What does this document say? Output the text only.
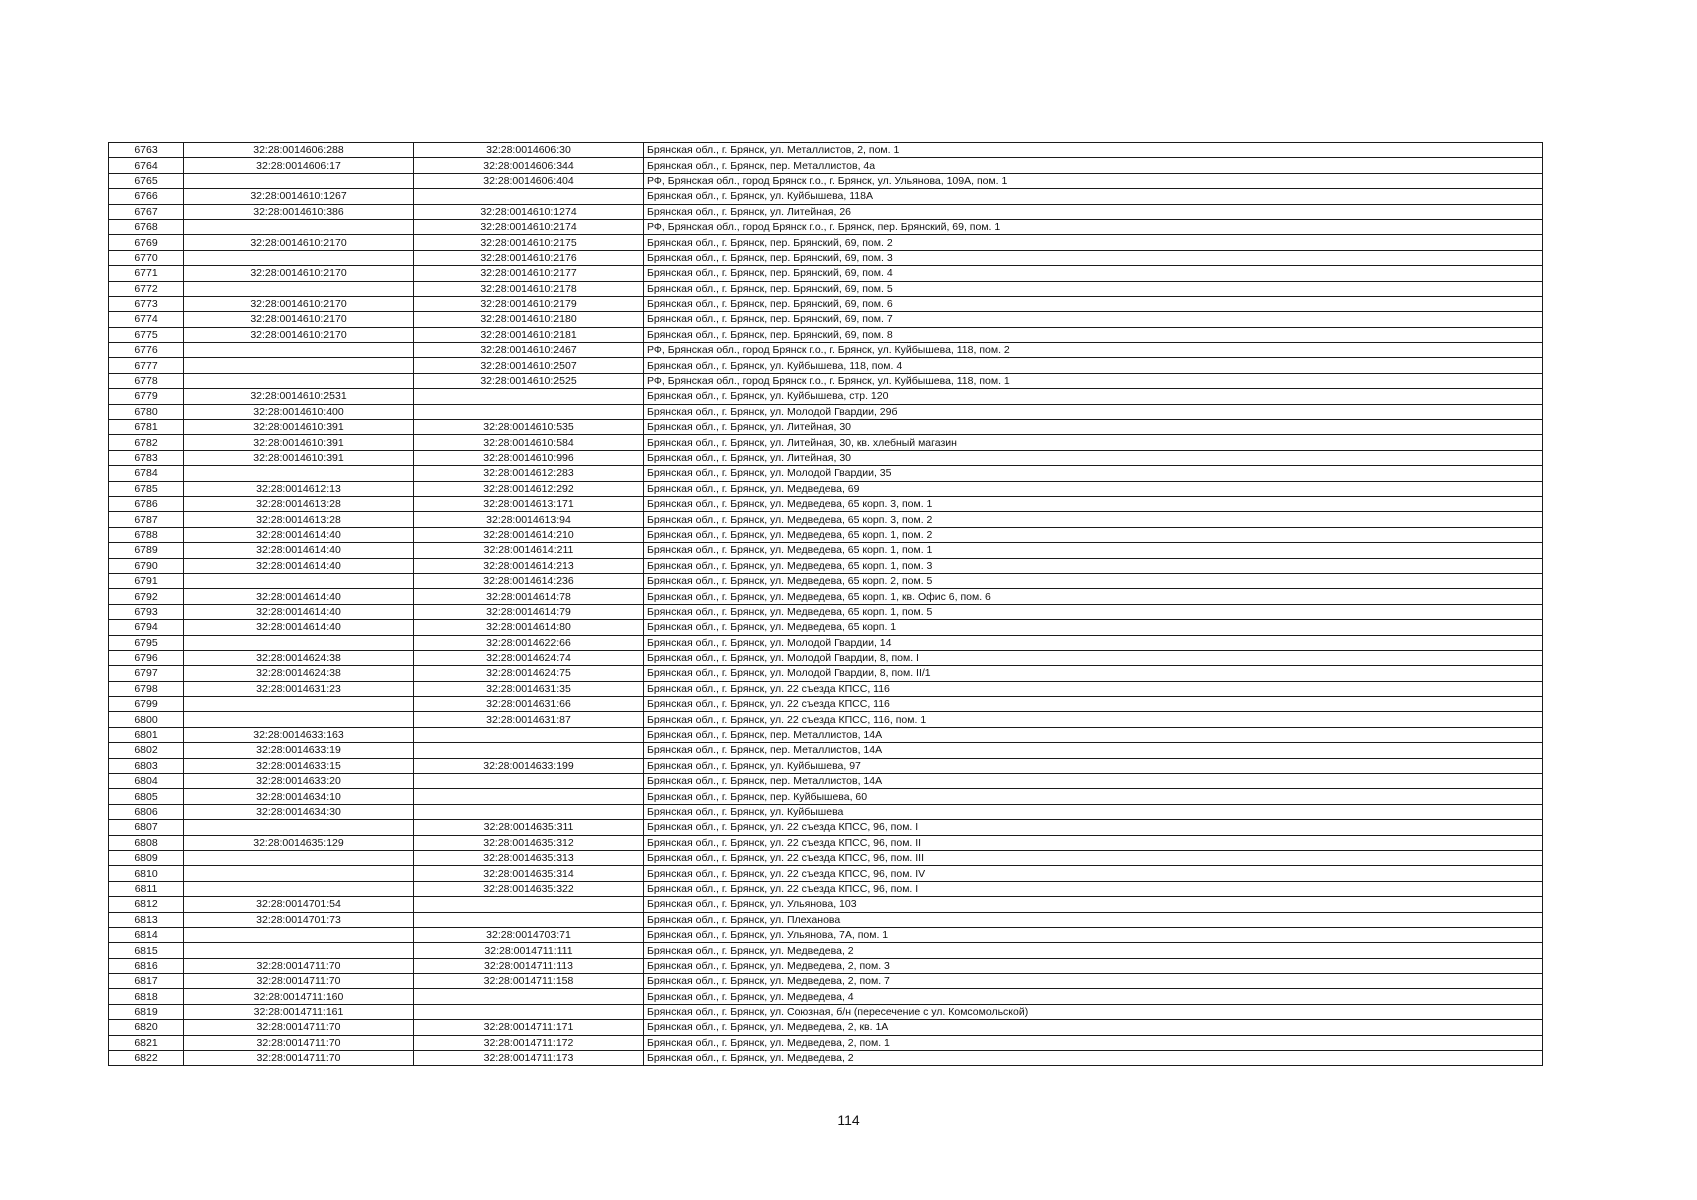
6763	32:28:0014606:288	32:28:0014606:30	Брянская обл., г. Брянск, ул. Металлистов, 2, пом. 1
6764	32:28:0014606:17	32:28:0014606:344	Брянская обл., г. Брянск, пер. Металлистов, 4а
6765		32:28:0014606:404	РФ, Брянская обл., город Брянск г.о., г. Брянск, ул. Ульянова, 109А, пом. 1
6766	32:28:0014610:1267		Брянская обл., г. Брянск, ул. Куйбышева, 118А
6767	32:28:0014610:386	32:28:0014610:1274	Брянская обл., г. Брянск, ул. Литейная, 26
6768		32:28:0014610:2174	РФ, Брянская обл., город Брянск г.о., г. Брянск, пер. Брянский, 69, пом. 1
6769	32:28:0014610:2170	32:28:0014610:2175	Брянская обл., г. Брянск, пер. Брянский, 69, пом. 2
6770		32:28:0014610:2176	Брянская обл., г. Брянск, пер. Брянский, 69, пом. 3
6771	32:28:0014610:2170	32:28:0014610:2177	Брянская обл., г. Брянск, пер. Брянский, 69, пом. 4
6772		32:28:0014610:2178	Брянская обл., г. Брянск, пер. Брянский, 69, пом. 5
6773	32:28:0014610:2170	32:28:0014610:2179	Брянская обл., г. Брянск, пер. Брянский, 69, пом. 6
6774	32:28:0014610:2170	32:28:0014610:2180	Брянская обл., г. Брянск, пер. Брянский, 69, пом. 7
6775	32:28:0014610:2170	32:28:0014610:2181	Брянская обл., г. Брянск, пер. Брянский, 69, пом. 8
6776		32:28:0014610:2467	РФ, Брянская обл., город Брянск г.о., г. Брянск, ул. Куйбышева, 118, пом. 2
6777		32:28:0014610:2507	Брянская обл., г. Брянск, ул. Куйбышева, 118, пом. 4
6778		32:28:0014610:2525	РФ, Брянская обл., город Брянск г.о., г. Брянск, ул. Куйбышева, 118, пом. 1
6779	32:28:0014610:2531		Брянская обл., г. Брянск, ул. Куйбышева, стр. 120
6780	32:28:0014610:400		Брянская обл., г. Брянск, ул. Молодой Гвардии, 29б
6781	32:28:0014610:391	32:28:0014610:535	Брянская обл., г. Брянск, ул. Литейная, 30
6782	32:28:0014610:391	32:28:0014610:584	Брянская обл., г. Брянск, ул. Литейная, 30, кв. хлебный магазин
6783	32:28:0014610:391	32:28:0014610:996	Брянская обл., г. Брянск, ул. Литейная, 30
6784		32:28:0014612:283	Брянская обл., г. Брянск, ул. Молодой Гвардии, 35
6785	32:28:0014612:13	32:28:0014612:292	Брянская обл., г. Брянск, ул. Медведева, 69
6786	32:28:0014613:28	32:28:0014613:171	Брянская обл., г. Брянск, ул. Медведева, 65 корп. 3, пом. 1
6787	32:28:0014613:28	32:28:0014613:94	Брянская обл., г. Брянск, ул. Медведева, 65 корп. 3, пом. 2
6788	32:28:0014614:40	32:28:0014614:210	Брянская обл., г. Брянск, ул. Медведева, 65 корп. 1, пом. 2
6789	32:28:0014614:40	32:28:0014614:211	Брянская обл., г. Брянск, ул. Медведева, 65 корп. 1, пом. 1
6790	32:28:0014614:40	32:28:0014614:213	Брянская обл., г. Брянск, ул. Медведева, 65 корп. 1, пом. 3
6791		32:28:0014614:236	Брянская обл., г. Брянск, ул. Медведева, 65 корп. 2, пом. 5
6792	32:28:0014614:40	32:28:0014614:78	Брянская обл., г. Брянск, ул. Медведева, 65 корп. 1, кв. Офис 6, пом. 6
6793	32:28:0014614:40	32:28:0014614:79	Брянская обл., г. Брянск, ул. Медведева, 65 корп. 1, пом. 5
6794	32:28:0014614:40	32:28:0014614:80	Брянская обл., г. Брянск, ул. Медведева, 65 корп. 1
6795		32:28:0014622:66	Брянская обл., г. Брянск, ул. Молодой Гвардии, 14
6796	32:28:0014624:38	32:28:0014624:74	Брянская обл., г. Брянск, ул. Молодой Гвардии, 8, пом. I
6797	32:28:0014624:38	32:28:0014624:75	Брянская обл., г. Брянск, ул. Молодой Гвардии, 8, пом. II/1
6798	32:28:0014631:23	32:28:0014631:35	Брянская обл., г. Брянск, ул. 22 съезда КПСС, 116
6799		32:28:0014631:66	Брянская обл., г. Брянск, ул. 22 съезда КПСС, 116
6800		32:28:0014631:87	Брянская обл., г. Брянск, ул. 22 съезда КПСС, 116, пом. 1
6801	32:28:0014633:163		Брянская обл., г. Брянск, пер. Металлистов, 14А
6802	32:28:0014633:19		Брянская обл., г. Брянск, пер. Металлистов, 14А
6803	32:28:0014633:15	32:28:0014633:199	Брянская обл., г. Брянск, ул. Куйбышева, 97
6804	32:28:0014633:20		Брянская обл., г. Брянск, пер. Металлистов, 14А
6805	32:28:0014634:10		Брянская обл., г. Брянск, пер. Куйбышева, 60
6806	32:28:0014634:30		Брянская обл., г. Брянск, ул. Куйбышева
6807		32:28:0014635:311	Брянская обл., г. Брянск, ул. 22 съезда КПСС, 96, пом. I
6808	32:28:0014635:129	32:28:0014635:312	Брянская обл., г. Брянск, ул. 22 съезда КПСС, 96, пом. II
6809		32:28:0014635:313	Брянская обл., г. Брянск, ул. 22 съезда КПСС, 96, пом. III
6810		32:28:0014635:314	Брянская обл., г. Брянск, ул. 22 съезда КПСС, 96, пом. IV
6811		32:28:0014635:322	Брянская обл., г. Брянск, ул. 22 съезда КПСС, 96, пом. I
6812	32:28:0014701:54		Брянская обл., г. Брянск, ул. Ульянова, 103
6813	32:28:0014701:73		Брянская обл., г. Брянск, ул. Плеханова
6814		32:28:0014703:71	Брянская обл., г. Брянск, ул. Ульянова, 7А, пом. 1
6815		32:28:0014711:111	Брянская обл., г. Брянск, ул. Медведева, 2
6816	32:28:0014711:70	32:28:0014711:113	Брянская обл., г. Брянск, ул. Медведева, 2, пом. 3
6817	32:28:0014711:70	32:28:0014711:158	Брянская обл., г. Брянск, ул. Медведева, 2, пом. 7
6818	32:28:0014711:160		Брянская обл., г. Брянск, ул. Медведева, 4
6819	32:28:0014711:161		Брянская обл., г. Брянск, ул. Союзная, б/н (пересечение с ул. Комсомольской)
6820	32:28:0014711:70	32:28:0014711:171	Брянская обл., г. Брянск, ул. Медведева, 2, кв. 1А
6821	32:28:0014711:70	32:28:0014711:172	Брянская обл., г. Брянск, ул. Медведева, 2, пом. 1
6822	32:28:0014711:70	32:28:0014711:173	Брянская обл., г. Брянск, ул. Медведева, 2
114
